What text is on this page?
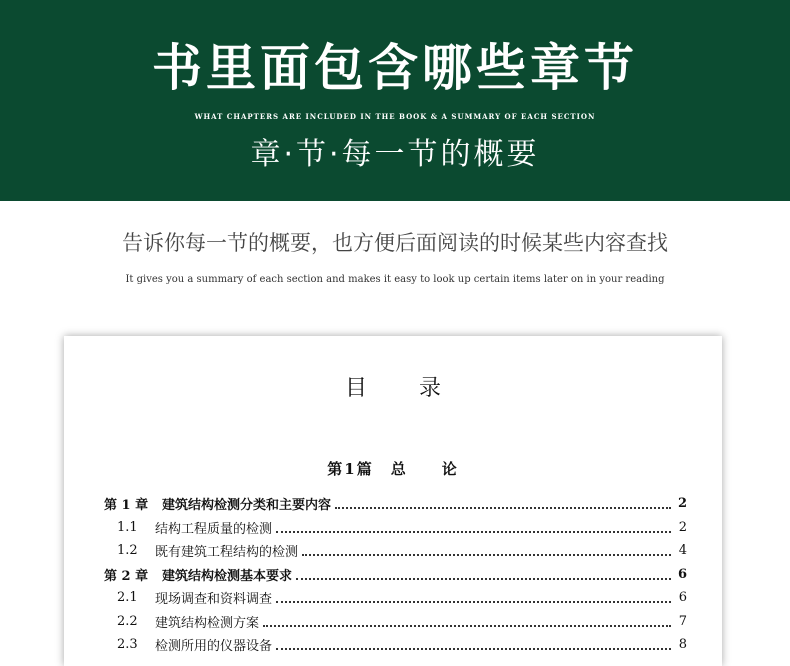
书里面包含哪些章节
WHAT CHAPTERS ARE INCLUDED IN THE BOOK & A SUMMARY OF EACH SECTION
章·节·每一节的概要
告诉你每一节的概要，也方便后面阅读的时候某些内容查找
It gives you a summary of each section and makes it easy to look up certain items later on in your reading
目录
第1篇　总　　论
第 1 章	建筑结构检测分类和主要内容	2
1.1	结构工程质量的检测	2
1.2	既有建筑工程结构的检测	4
第 2 章	建筑结构检测基本要求	6
2.1	现场调查和资料调查	6
2.2	建筑结构检测方案	7
2.3	检测所用的仪器设备	8
